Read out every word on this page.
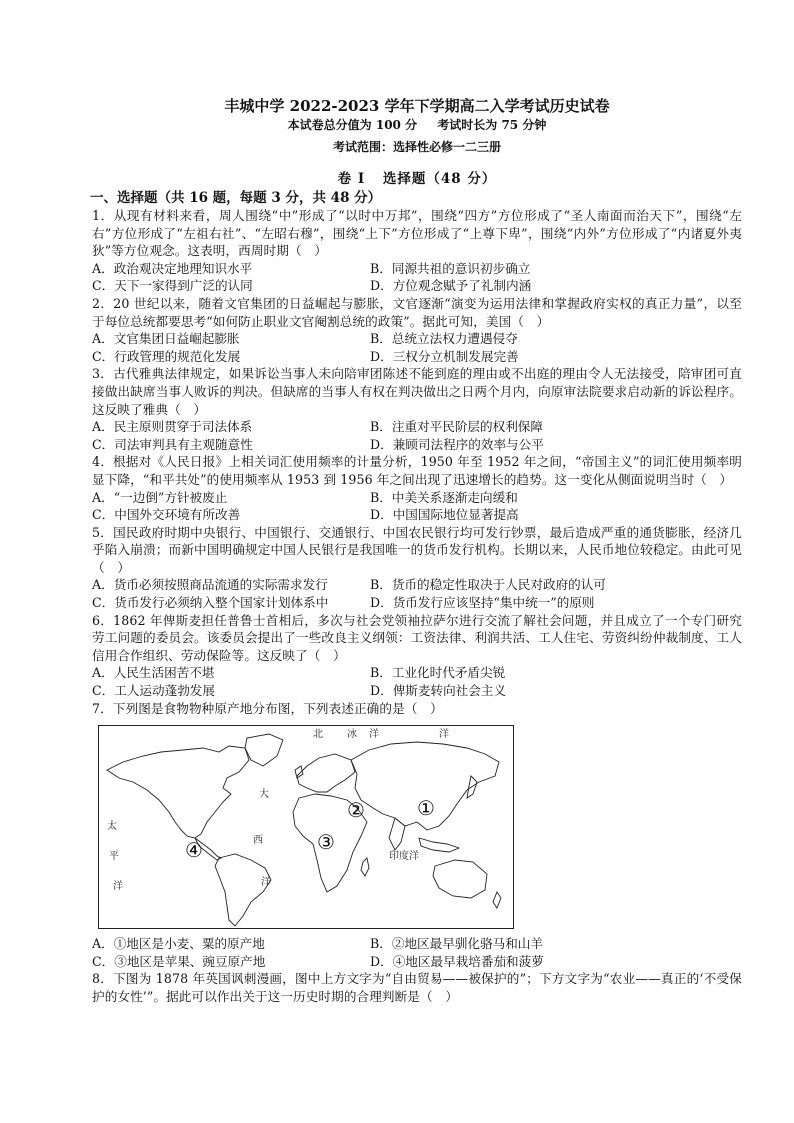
丰城中学 2022-2023 学年下学期高二入学考试历史试卷
本试卷总分值为 100 分 考试时长为 75 分钟
考试范围：选择性必修一二三册
卷 Ⅰ 选择题（48 分）
一、选择题（共 16 题，每题 3 分，共 48 分）
1．从现有材料来看，周人围绕“中”形成了“以时中万邦”，围绕“四方”方位形成了“圣人南面而治天下”，围绕“左右”方位形成了“左祖右社”、“左昭右穆”，围绕“上下”方位形成了“上尊下卑”，围绕“内外”方位形成了“内诸夏外夷狄”等方位观念。这表明，西周时期（　）
A．政治观决定地理知识水平	B．同源共祖的意识初步确立
C．天下一家得到广泛的认同	D．方位观念赋予了礼制内涵
2．20 世纪以来，随着文官集团的日益崛起与膨胀，文官逐渐“演变为运用法律和掌握政府实权的真正力量”，以至于每位总统都要思考“如何防止职业文官阉割总统的政策”。据此可知，美国（　）
A．文官集团日益崛起膨胀	B．总统立法权力遭遇侵夺
C．行政管理的规范化发展	D．三权分立机制发展完善
3．古代雅典法律规定，如果诉讼当事人未向陪审团陈述不能到庭的理由或不出庭的理由令人无法接受，陪审团可直接做出缺席当事人败诉的判决。但缺席的当事人有权在判决做出之日两个月内，向原审法院要求启动新的诉讼程序。这反映了雅典（　）
A．民主原则贯穿于司法体系	B．注重对平民阶层的权利保障
C．司法审判具有主观随意性	D．兼顾司法程序的效率与公平
4．根据对《人民日报》上相关词汇使用频率的计量分析，1950 年至 1952 年之间，“帝国主义”的词汇使用频率明显下降，“和平共处”的使用频率从 1953 到 1956 年之间出现了迅速增长的趋势。这一变化从侧面说明当时（　）
A．“一边倒”方针被废止	B．中美关系逐渐走向缓和
C．中国外交环境有所改善	D．中国国际地位显著提高
5．国民政府时期中央银行、中国银行、交通银行、中国农民银行均可发行钞票，最后造成严重的通货膨胀，经济几乎陷入崩溃；而新中国明确规定中国人民银行是我国唯一的货币发行机构。长期以来，人民币地位较稳定。由此可见（　）
A．货币必须按照商品流通的实际需求发行	B．货币的稳定性取决于人民对政府的认可
C．货币发行必须纳入整个国家计划体系中	D．货币发行应该坚持“集中统一”的原则
6．1862 年俾斯麦担任普鲁士首相后，多次与社会党领袖拉萨尔进行交流了解社会问题，并且成立了一个专门研究劳工问题的委员会。该委员会提出了一些改良主义纲领：工资法律、利润共活、工人住宅、劳资纠纷仲裁制度、工人信用合作组织、劳动保险等。这反映了（　）
A．人民生活困苦不堪	B．工业化时代矛盾尖锐
C．工人运动蓬勃发展	D．俾斯麦转向社会主义
7．下列图是食物物种原产地分布图，下列表述正确的是（　）
北 冰 洋	洋
大
西
洋
太
平
洋
印度洋
①
②
③
④
A．①地区是小麦、粟的原产地	B．②地区最早驯化骆马和山羊
C．③地区是苹果、豌豆原产地	D．④地区最早栽培番茄和菠萝
8．下图为 1878 年英国讽刺漫画，图中上方文字为“自由贸易——被保护的”；下方文字为“农业——真正的‘不受保护的女性’”。据此可以作出关于这一历史时期的合理判断是（　）
